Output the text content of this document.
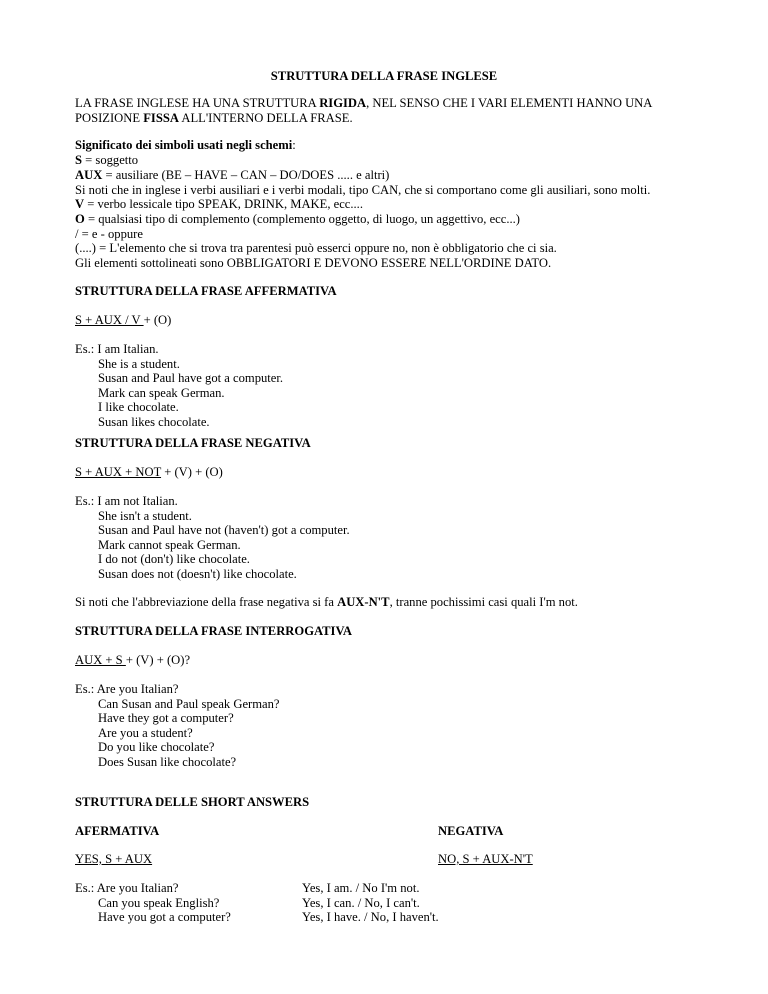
STRUTTURA DELLA FRASE INGLESE
LA FRASE INGLESE HA UNA STRUTTURA RIGIDA, NEL SENSO CHE I VARI ELEMENTI HANNO UNA
POSIZIONE FISSA ALL'INTERNO DELLA FRASE.
Significato dei simboli usati negli schemi:
S = soggetto
AUX = ausiliare (BE – HAVE – CAN – DO/DOES ..... e altri)
Si noti che in inglese i verbi ausiliari e i verbi modali, tipo CAN, che si comportano come gli ausiliari, sono molti.
V = verbo lessicale tipo SPEAK, DRINK, MAKE, ecc....
O = qualsiasi tipo di complemento (complemento oggetto, di luogo, un aggettivo, ecc...)
/ = e - oppure
(....) = L'elemento che si trova tra parentesi può esserci oppure no, non è obbligatorio che ci sia.
Gli elementi sottolineati sono OBBLIGATORI E DEVONO ESSERE NELL'ORDINE DATO.
STRUTTURA DELLA FRASE AFFERMATIVA
S + AUX / V + (O)
Es.: I am Italian.
She is a student.
Susan and Paul have got a computer.
Mark can speak German.
I like chocolate.
Susan likes chocolate.
STRUTTURA DELLA FRASE NEGATIVA
S + AUX + NOT + (V) + (O)
Es.: I am not Italian.
She isn't a student.
Susan and Paul have not (haven't) got a computer.
Mark cannot speak German.
I do not (don't) like chocolate.
Susan does not (doesn't) like chocolate.
Si noti che l'abbreviazione della frase negativa si fa AUX-N'T, tranne pochissimi casi quali I'm not.
STRUTTURA DELLA FRASE INTERROGATIVA
AUX + S + (V) + (O)?
Es.: Are you Italian?
Can Susan and Paul speak German?
Have they got a computer?
Are you a student?
Do you like chocolate?
Does Susan like chocolate?
STRUTTURA DELLE SHORT ANSWERS
AFERMATIVA	NEGATIVA
YES, S + AUX	NO, S + AUX-N'T
Es.: Are you Italian?
Can you speak English?
Have you got a computer?
Yes, I am. / No I'm not.
Yes, I can. / No, I can't.
Yes, I have. / No, I haven't.
